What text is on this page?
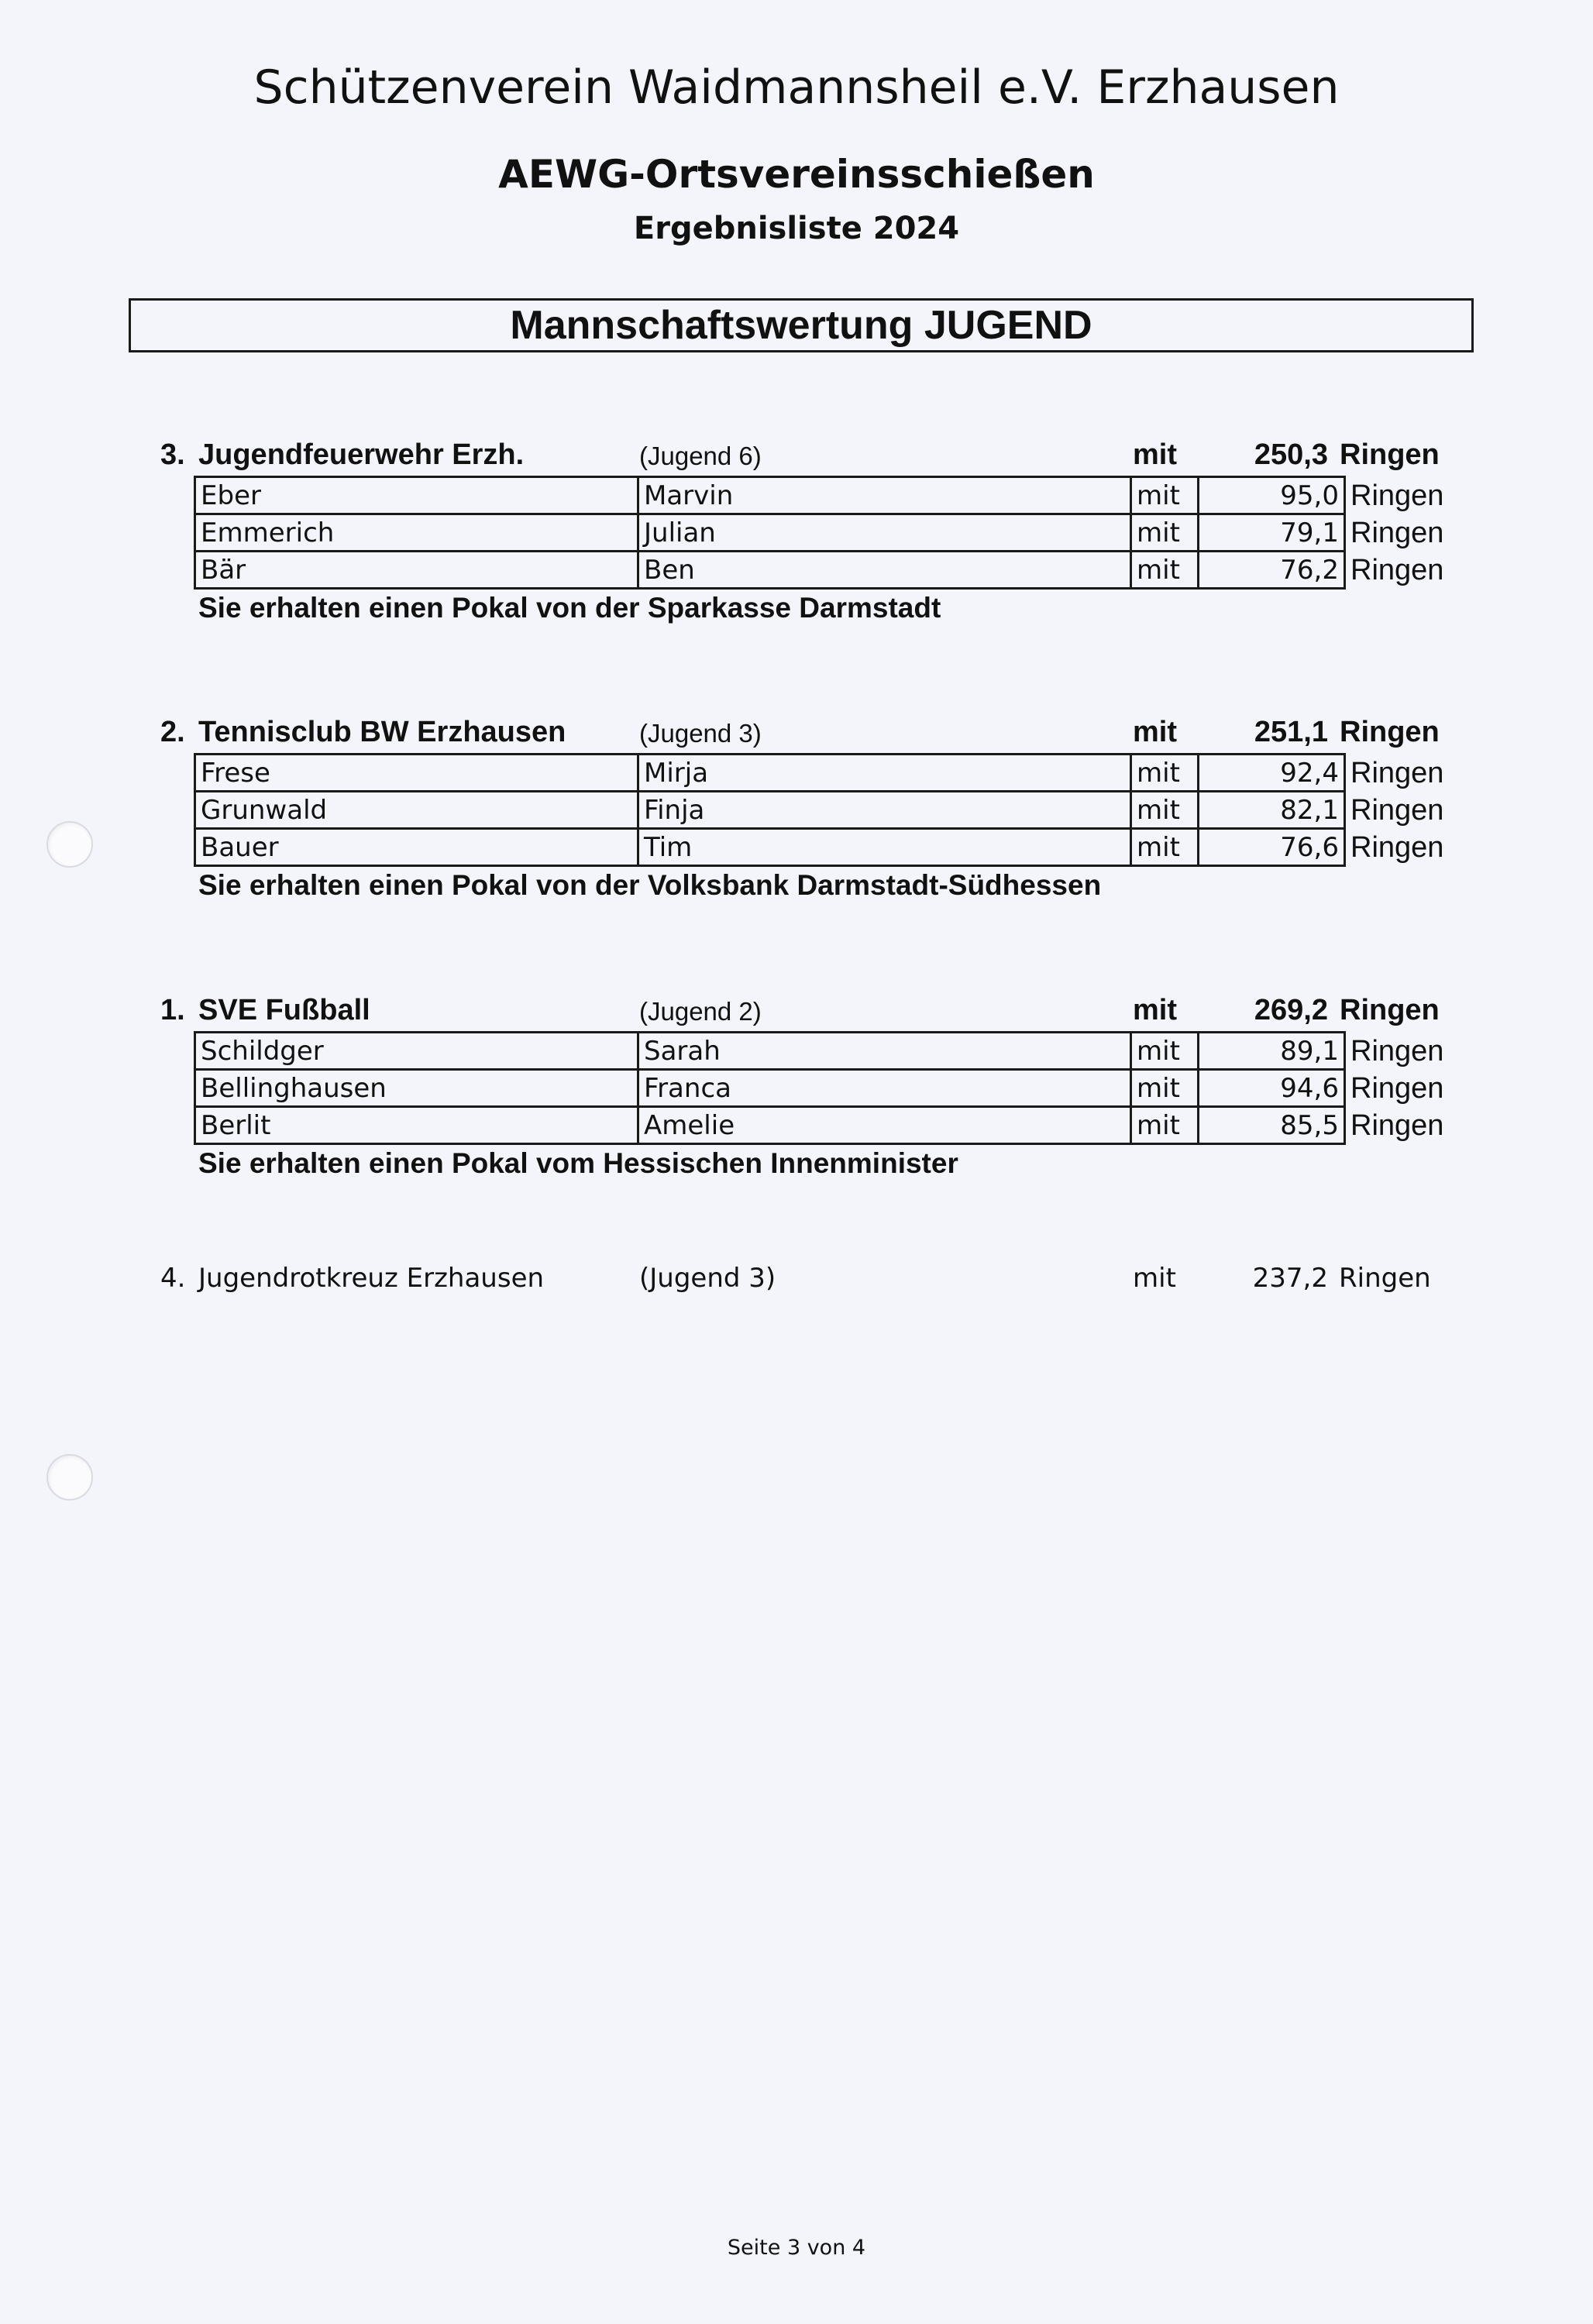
Schützenverein Waidmannsheil e.V. Erzhausen
AEWG-Ortsvereinsschießen
Ergebnisliste 2024
Mannschaftswertung JUGEND
3. Jugendfeuerwehr Erzh.	(Jugend 6)	mit	250,3 Ringen
Eber	Marvin	mit	95,0	Ringen
Emmerich	Julian	mit	79,1	Ringen
Bär	Ben	mit	76,2	Ringen
Sie erhalten einen Pokal von der Sparkasse Darmstadt
2. Tennisclub BW Erzhausen	(Jugend 3)	mit	251,1 Ringen
Frese	Mirja	mit	92,4	Ringen
Grunwald	Finja	mit	82,1	Ringen
Bauer	Tim	mit	76,6	Ringen
Sie erhalten einen Pokal von der Volksbank Darmstadt-Südhessen
1. SVE Fußball	(Jugend 2)	mit	269,2 Ringen
Schildger	Sarah	mit	89,1	Ringen
Bellinghausen	Franca	mit	94,6	Ringen
Berlit	Amelie	mit	85,5	Ringen
Sie erhalten einen Pokal vom Hessischen Innenminister
4. Jugendrotkreuz Erzhausen	(Jugend 3)	mit	237,2 Ringen
Seite 3 von 4
